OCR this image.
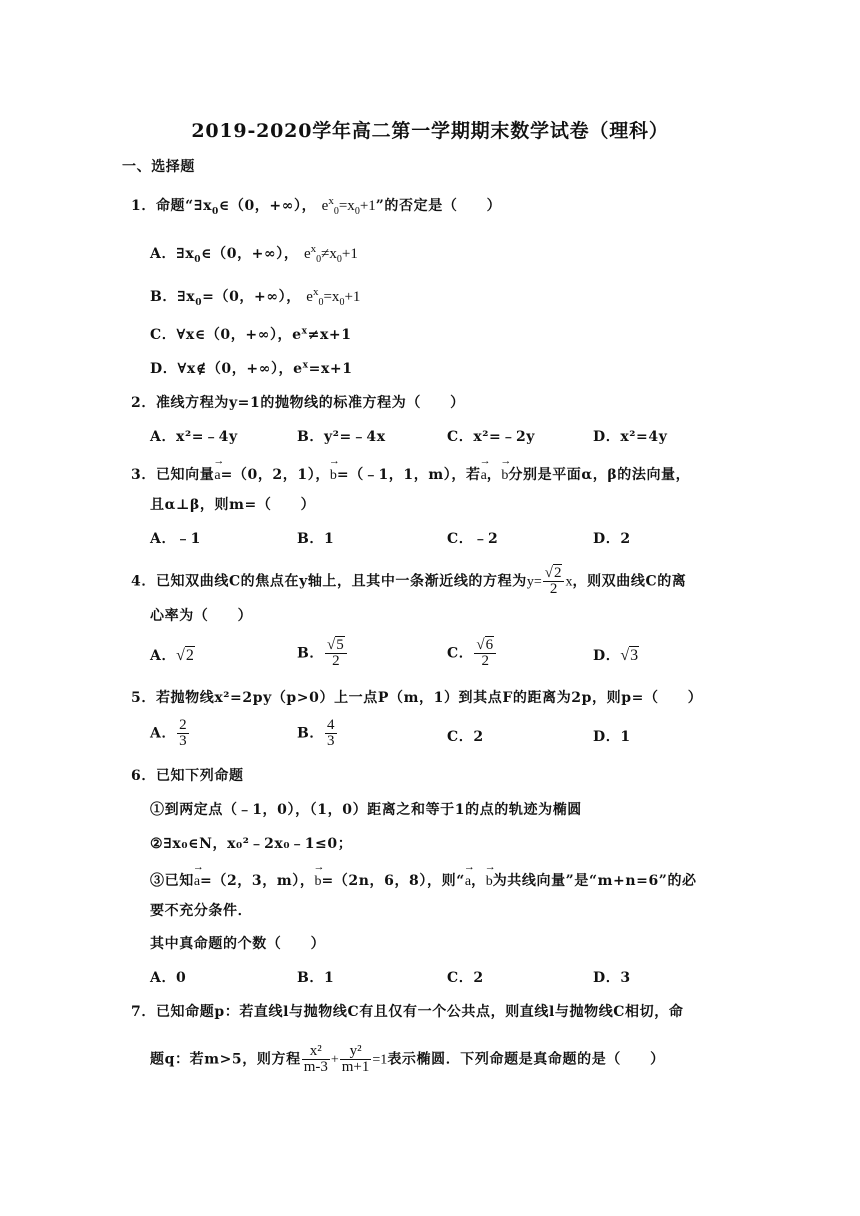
2019-2020学年高二第一学期期末数学试卷（理科）
一、选择题
1．命题“$\exists x_0\in(0$，+∞）， $e^x_0=x_0+1$”的否定是（　　）
A．$\exists x_0\in(0$，+∞）， $e^x_0\ne x_0+1$
B．$\exists x_0=(0$，+∞）， $e^x_0=x_0+1$
C．∀x∈（0，+∞），$e^x\ne x+1$
D．∀x∉（0，+∞），$e^x=x+1$
2．准线方程为y=1的抛物线的标准方程为（　　）
A．x²=﹣4y	B．y²=﹣4x	C．x²=﹣2y	D．x²=4y
3．已知向量
→
a=（0，2，1），
→
b=（﹣1，1，m），若
→
a，
→
b分别是平面α，β的法向量，
且α⊥β，则m=（　　）
A．﹣1	B．1	C．﹣2	D．2
4．已知双曲线C的焦点在y轴上，且其中一条渐近线的方程为$y= \frac{√2}{2}$ x，则双曲线C的离
心率为（　　）
A．√2	B． $\frac{√5}{2}$	C． $\frac{√6}{2}$	D．√3
5．若抛物线x²=2py（p>0）上一点P（m，1）到其点F的距离为2p，则p=（　　）
A． $\frac{2}{3}$	B． $\frac{4}{3}$	C．2	D．1
6．已知下列命题
①到两定点（﹣1，0），（1，0）距离之和等于1的点的轨迹为椭圆
②∃x₀∈N，x₀²﹣2x₀﹣1≤0；
③已知
→
a=（2，3，m），
→
b=（2n，6，8），则“
→
a，
→
b为共线向量”是“m+n=6”的必
要不充分条件．
其中真命题的个数（　　）
A．0	B．1	C．2	D．3
7．已知命题p：若直线l与抛物线C有且仅有一个公共点，则直线l与抛物线C相切，命
题q：若m>5，则方程 $\frac{\text{x²}}{m-3} + \frac{\text{y²}}{m+1} =1$表示椭圆．下列命题是真命题的是（　　）
